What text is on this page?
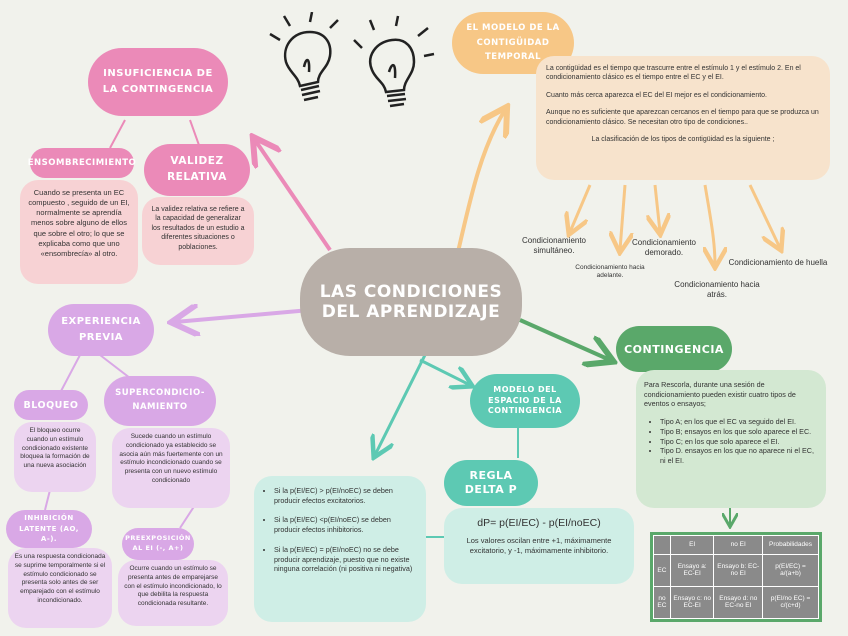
LAS CONDICIONES
DEL APRENDIZAJE
INSUFICIENCIA DE LA CONTINGENCIA
ENSOMBRECIMIENTO
Cuando se presenta un EC compuesto , seguido de un EI, normalmente se aprendía menos sobre alguno de ellos que sobre el otro; lo que se explicaba como que uno «ensombrecía» al otro.
VALIDEZ RELATIVA
La validez relativa se refiere a la capacidad de generalizar los resultados de un estudio a diferentes situaciones o poblaciones.
EXPERIENCIA PREVIA
BLOQUEO
El bloqueo ocurre cuando un estímulo condicionado existente bloquea la formación de una nueva asociación
SUPERCONDICIO-NAMIENTO
Sucede cuando un estímulo condicionado ya establecido se asocia aún más fuertemente con un estímulo incondicionado cuando se presenta con un nuevo estímulo condicionado
INHIBICIÓN LATENTE (AO, A-).
Es una respuesta condicionada se suprime temporalmente si el estímulo condicionado se presenta solo antes de ser emparejado con el estímulo incondicionado.
PREEXPOSICIÓN AL EI (-, A+)
Ocurre cuando un estímulo se presenta antes de emparejarse con el estímulo incondicionado, lo que debilita la respuesta condicionada resultante.
EL MODELO DE LA CONTIGÜIDAD TEMPORAL

La contigüidad es el tiempo que trascurre entre el estímulo 1 y el estímulo 2. En el condicionamiento clásico es el tiempo entre el EC y el EI.

Cuanto más cerca aparezca el EC del EI mejor es el condicionamiento.

Aunque no es suficiente que aparezcan cercanos en el tiempo para que se produzca un condicionamiento clásico. Se necesitan otro tipo de condiciones..

La clasificación de los tipos de contigüidad es la siguiente ;

Condicionamiento simultáneo.
Condicionamiento hacia adelante.
Condicionamiento demorado.
Condicionamiento hacia atrás.
Condicionamiento de huella
CONTINGENCIA

Para Rescorla, durante una sesión de condicionamiento pueden existir cuatro tipos de eventos o ensayos;

• Tipo A; en los que el EC va seguido del EI.
• Tipo B; ensayos en los que solo aparece el EC.
• Tipo C; en los que solo aparece el EI.
• Tipo D. ensayos en los que no aparece ni el EC, ni el EI.
	EI	no EI	Probabilidades
EC	Ensayo a: EC-EI	Ensayo b: EC-no EI	p(EI/EC) = a/(a+b)
no EC	Ensayo c: no EC-EI	Ensayo d: no EC-no EI	p(EI/no EC) = c/(c+d)
MODELO DEL ESPACIO DE LA CONTINGENCIA
REGLA DELTA P
dP= p(EI/EC) - p(EI/noEC)
Los valores oscilan entre +1, máximamente excitatorio, y -1, máximamente inhibitorio.
• Si la p(EI/EC) > p(EI/noEC) se deben producir efectos excitatorios.
• Si la p(EI/EC) <p(EI/noEC) se deben producir efectos inhibitorios.
• Si la p(EI/EC) = p(EI/noEC) no se debe producir aprendizaje, puesto que no existe ninguna correlación (ni positiva ni negativa)
